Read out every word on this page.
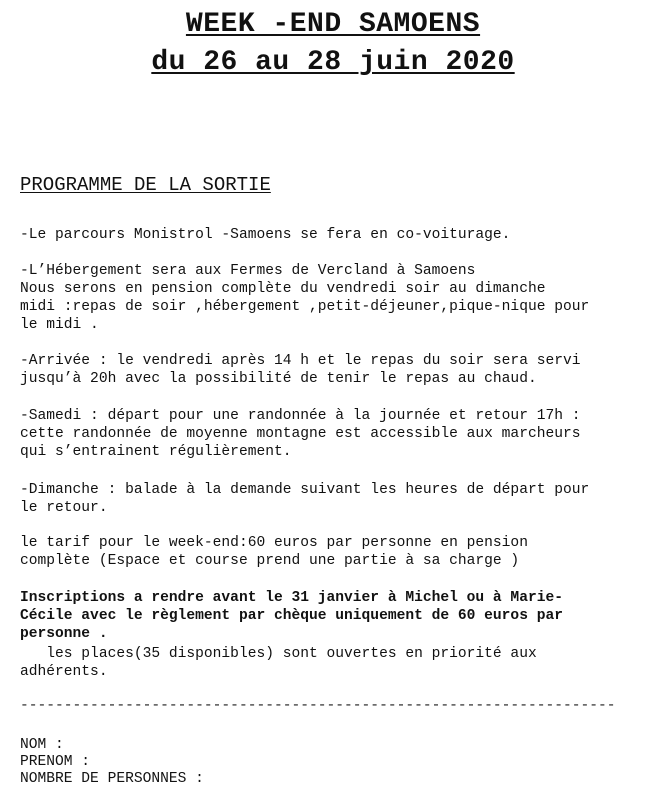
WEEK -END SAMOENS
du 26 au 28 juin 2020
PROGRAMME DE LA SORTIE
-Le parcours Monistrol -Samoens se fera en co-voiturage.
-L’Hébergement sera aux Fermes de Vercland à Samoens
Nous serons en pension complète du vendredi soir au dimanche
midi :repas de soir ,hébergement ,petit-déjeuner,pique-nique pour
le midi .
-Arrivée : le vendredi après 14 h et le repas du soir sera servi
jusqu’à 20h avec la possibilité de tenir le repas au chaud.
-Samedi : départ pour une randonnée à la journée et retour 17h :
cette randonnée de moyenne montagne est accessible aux marcheurs
qui s’entrainent régulièrement.
-Dimanche : balade à la demande suivant les heures de départ pour
le retour.
le tarif pour le week-end:60 euros par personne en pension
complète (Espace et course prend une partie à sa charge )
Inscriptions a rendre avant le 31 janvier à Michel ou à Marie-
Cécile avec le règlement par chèque uniquement de 60 euros par
personne .
les places(35 disponibles) sont ouvertes en priorité aux
adhérents.
--------------------------------------------------------------------
NOM :
PRENOM :
NOMBRE DE PERSONNES :
